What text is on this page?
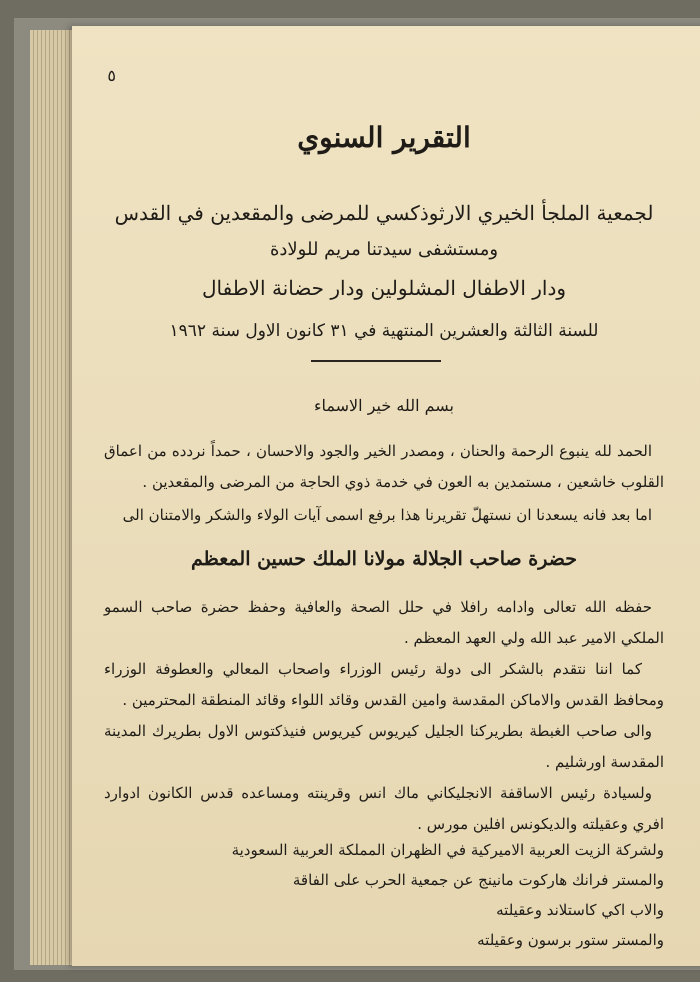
٥
التقرير السنوي
لجمعية الملجأ الخيري الارثوذكسي للمرضى والمقعدين في القدس
ومستشفى سيدتنا مريم للولادة
ودار الاطفال المشلولين ودار حضانة الاطفال
للسنة الثالثة والعشرين المنتهية في ٣١ كانون الاول سنة ١٩٦٢
بسم الله خير الاسماء

الحمد لله ينبوع الرحمة والحنان ، ومصدر الخير والجود والاحسان ، حمداً نردده من اعماق القلوب خاشعين ، مستمدين به العون في خدمة ذوي الحاجة من المرضى والمقعدين .

اما بعد فانه يسعدنا ان نستهلّ تقريرنا هذا برفع اسمى آيات الولاء والشكر والامتنان الى

حضرة صاحب الجلالة مولانا الملك حسين المعظم

حفظه الله تعالى وادامه رافلا في حلل الصحة والعافية وحفظ حضرة صاحب السمو الملكي الامير عبد الله ولي العهد المعظم .

كما اننا نتقدم بالشكر الى دولة رئيس الوزراء واصحاب المعالي والعطوفة الوزراء ومحافظ القدس والاماكن المقدسة وامين القدس وقائد اللواء وقائد المنطقة المحترمين .

والى صاحب الغبطة بطريركنا الجليل كيريوس كيريوس فنيذكتوس الاول بطريرك المدينة المقدسة اورشليم .

ولسيادة رئيس الاساقفة الانجليكاني ماك انس وقرينته ومساعده قدس الكانون ادوارد افري وعقيلته والديكونس افلين مورس .

ولشركة الزيت العربية الاميركية في الظهران المملكة العربية السعودية

والمستر فرانك هاركوت مانينج عن جمعية الحرب على الفاقة

والاب اكي كاستلاند وعقيلته

والمستر ستور برسون وعقيلته
